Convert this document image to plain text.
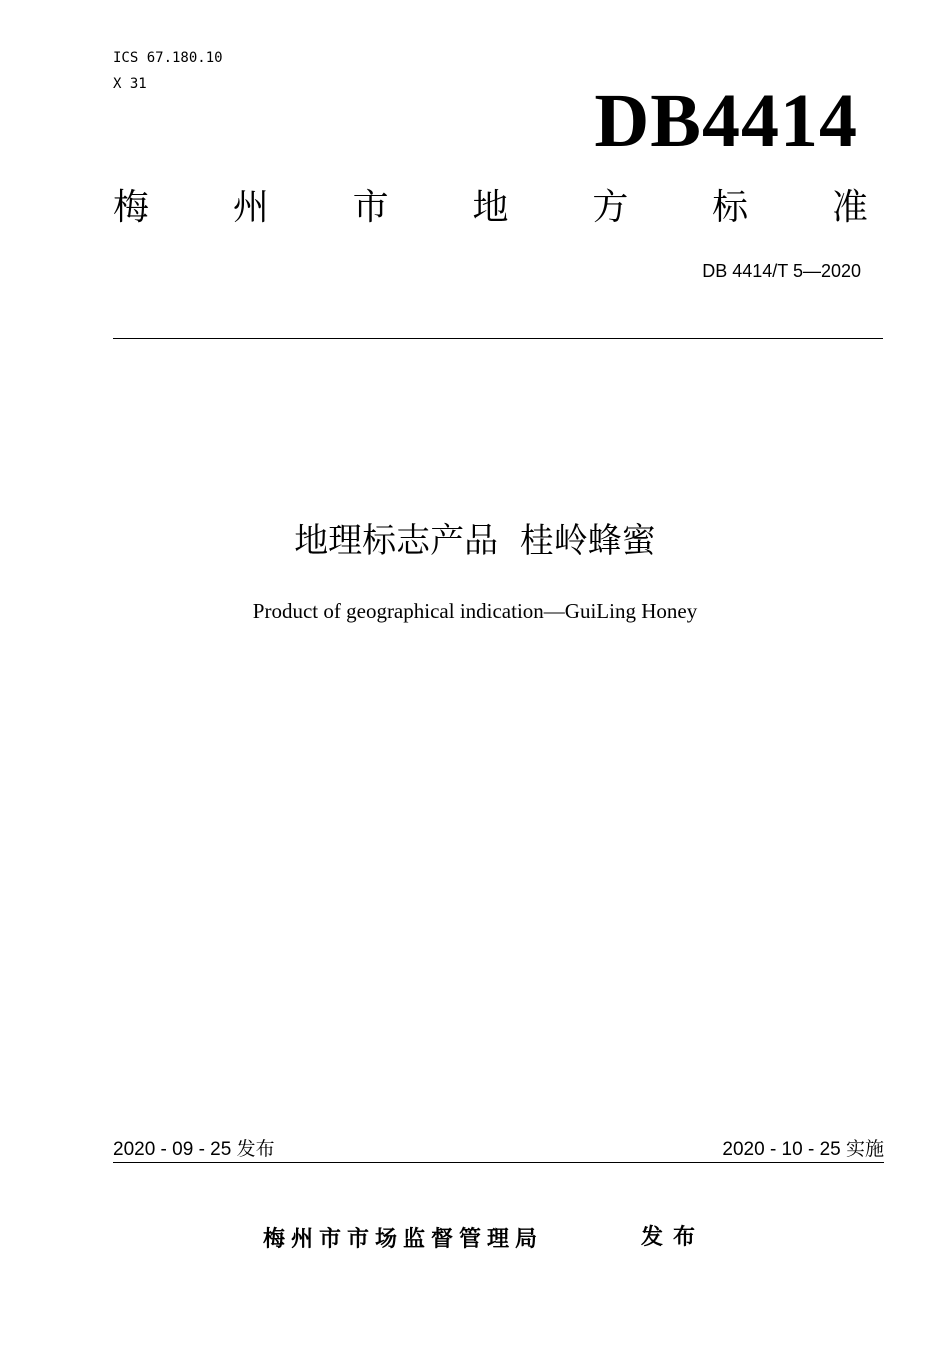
ICS 67.180.10
X 31	DB4414
梅 州 市 地 方 标 准
DB 4414/T 5—2020
地理标志产品  桂岭蜂蜜
Product of geographical indication—GuiLing Honey
2020 - 09 - 25 发布	2020 - 10 - 25 实施
梅州市市场监督管理局	发布
